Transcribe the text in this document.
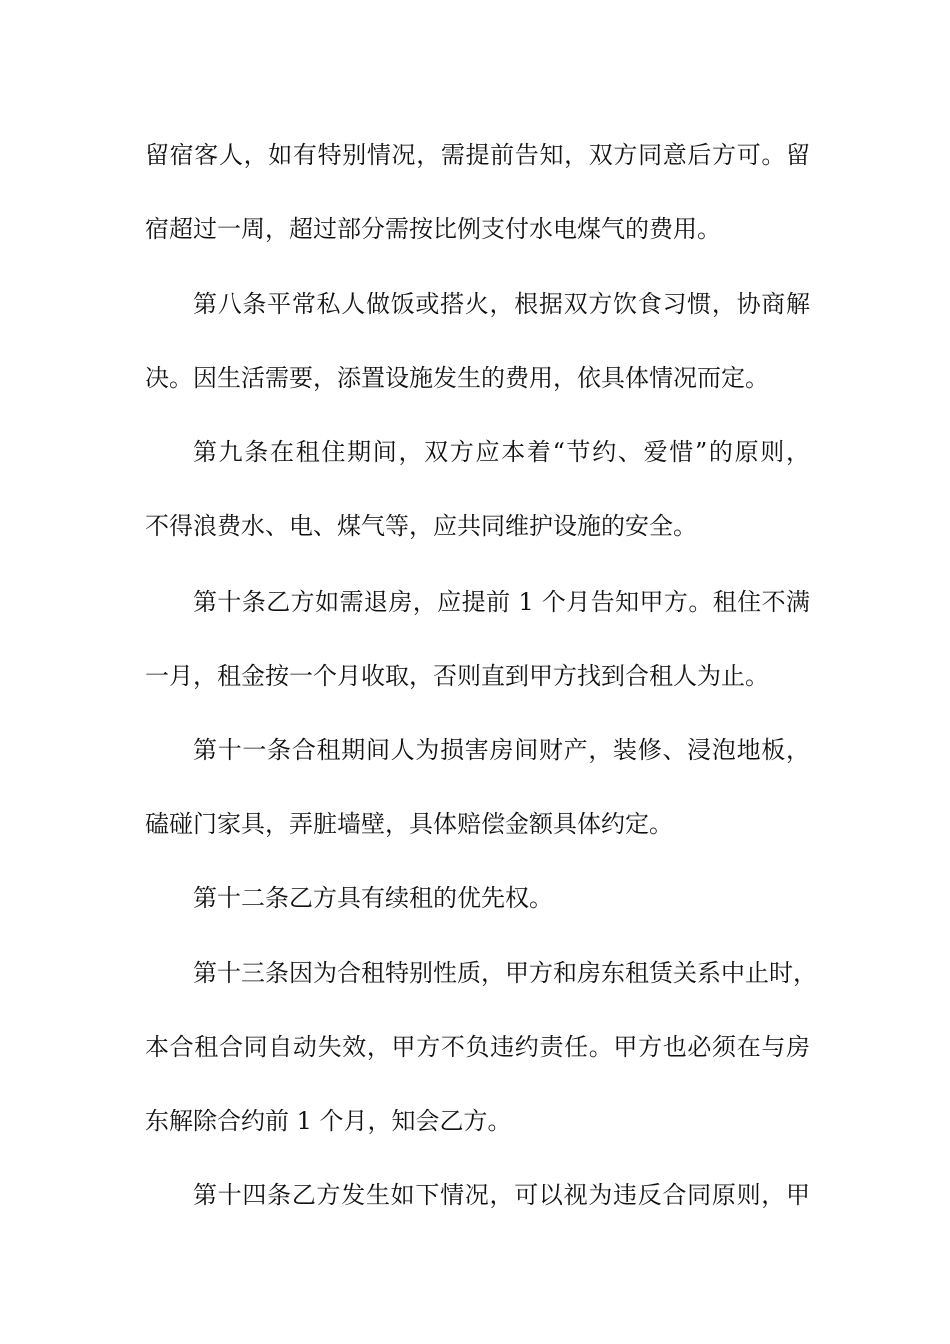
留宿客人，如有特别情况，需提前告知，双方同意后方可。留
宿超过一周，超过部分需按比例支付水电煤气的费用。
第八条平常私人做饭或搭火，根据双方饮食习惯，协商解
决。因生活需要，添置设施发生的费用，依具体情况而定。
第九条在租住期间，双方应本着“节约、爱惜”的原则，
不得浪费水、电、煤气等，应共同维护设施的安全。
第十条乙方如需退房，应提前 1 个月告知甲方。租住不满
一月，租金按一个月收取，否则直到甲方找到合租人为止。
第十一条合租期间人为损害房间财产，装修、浸泡地板，
磕碰门家具，弄脏墙壁，具体赔偿金额具体约定。
第十二条乙方具有续租的优先权。
第十三条因为合租特别性质，甲方和房东租赁关系中止时，
本合租合同自动失效，甲方不负违约责任。甲方也必须在与房
东解除合约前 1 个月，知会乙方。
第十四条乙方发生如下情况，可以视为违反合同原则，甲
